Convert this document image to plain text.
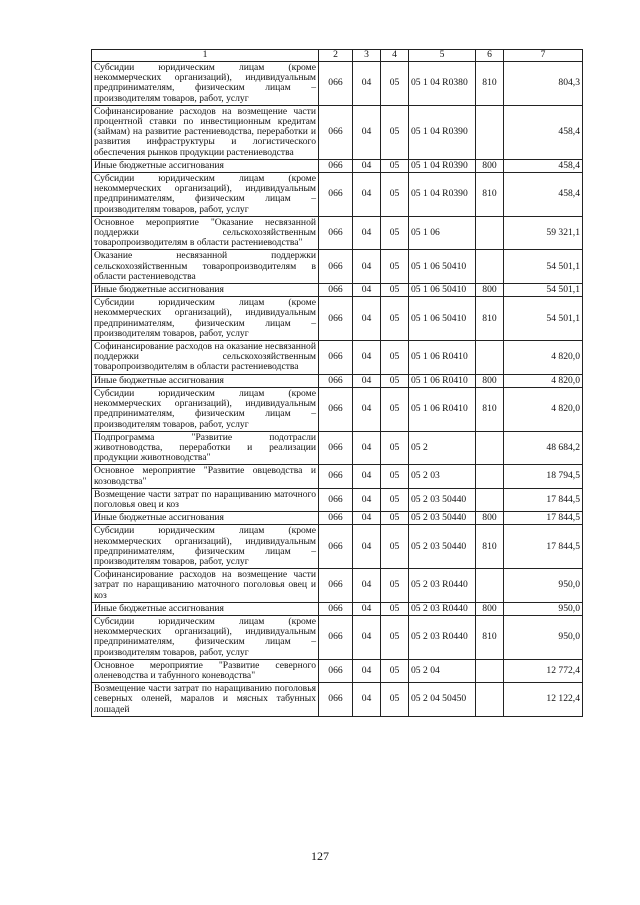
1	2	3	4	5	6	7
Субсидии юридическим лицам (кроме некоммерческих организаций), индивидуальным предпринимателям, физическим лицам – производителям товаров, работ, услуг	066	04	05	05 1 04 R0380	810	804,3
Софинансирование расходов на возмещение части процентной ставки по инвестиционным кредитам (займам) на развитие растениеводства, переработки и развития инфраструктуры и логистического обеспечения рынков продукции растениеводства	066	04	05	05 1 04 R0390		458,4
Иные бюджетные ассигнования	066	04	05	05 1 04 R0390	800	458,4
Субсидии юридическим лицам (кроме некоммерческих организаций), индивидуальным предпринимателям, физическим лицам – производителям товаров, работ, услуг	066	04	05	05 1 04 R0390	810	458,4
Основное мероприятие "Оказание несвязанной поддержки сельскохозяйственным товаропроизводителям в области растениеводства"	066	04	05	05 1 06		59 321,1
Оказание несвязанной поддержки сельскохозяйственным товаропроизводителям в области растениеводства	066	04	05	05 1 06 50410		54 501,1
Иные бюджетные ассигнования	066	04	05	05 1 06 50410	800	54 501,1
Субсидии юридическим лицам (кроме некоммерческих организаций), индивидуальным предпринимателям, физическим лицам – производителям товаров, работ, услуг	066	04	05	05 1 06 50410	810	54 501,1
Софинансирование расходов на оказание несвязанной поддержки сельскохозяйственным товаропроизводителям в области растениеводства	066	04	05	05 1 06 R0410		4 820,0
Иные бюджетные ассигнования	066	04	05	05 1 06 R0410	800	4 820,0
Субсидии юридическим лицам (кроме некоммерческих организаций), индивидуальным предпринимателям, физическим лицам – производителям товаров, работ, услуг	066	04	05	05 1 06 R0410	810	4 820,0
Подпрограмма "Развитие подотрасли животноводства, переработки и реализации продукции животноводства"	066	04	05	05 2		48 684,2
Основное мероприятие "Развитие овцеводства и козоводства"	066	04	05	05 2 03		18 794,5
Возмещение части затрат по наращиванию маточного поголовья овец и коз	066	04	05	05 2 03 50440		17 844,5
Иные бюджетные ассигнования	066	04	05	05 2 03 50440	800	17 844,5
Субсидии юридическим лицам (кроме некоммерческих организаций), индивидуальным предпринимателям, физическим лицам – производителям товаров, работ, услуг	066	04	05	05 2 03 50440	810	17 844,5
Софинансирование расходов на возмещение части затрат по наращиванию маточного поголовья овец и коз	066	04	05	05 2 03 R0440		950,0
Иные бюджетные ассигнования	066	04	05	05 2 03 R0440	800	950,0
Субсидии юридическим лицам (кроме некоммерческих организаций), индивидуальным предпринимателям, физическим лицам – производителям товаров, работ, услуг	066	04	05	05 2 03 R0440	810	950,0
Основное мероприятие "Развитие северного оленеводства и табунного коневодства"	066	04	05	05 2 04		12 772,4
Возмещение части затрат по наращиванию поголовья северных оленей, маралов и мясных табунных лошадей	066	04	05	05 2 04 50450		12 122,4
127
